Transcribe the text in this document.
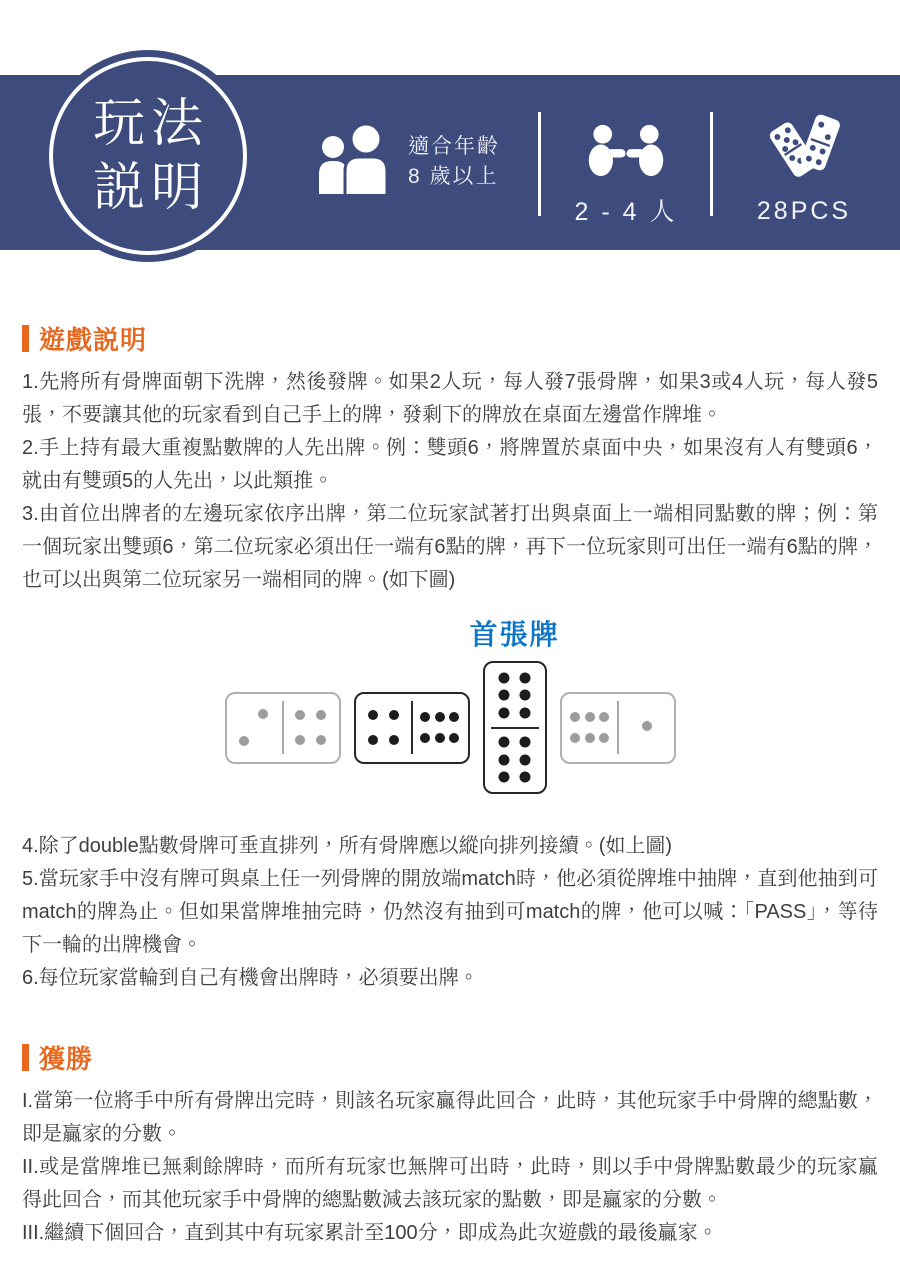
玩法
説明
適合年齡
8 歲以上
2 - 4 人	28PCS
遊戲説明

1.先將所有骨牌面朝下洗牌，然後發牌。如果2人玩，每人發7張骨牌，如果3或4人玩，每人發5張，不要讓其他的玩家看到自己手上的牌，發剩下的牌放在桌面左邊當作牌堆。

2.手上持有最大重複點數牌的人先出牌。例：雙頭6，將牌置於桌面中央，如果沒有人有雙頭6，就由有雙頭5的人先出，以此類推。

3.由首位出牌者的左邊玩家依序出牌，第二位玩家試著打出與桌面上一端相同點數的牌；例：第一個玩家出雙頭6，第二位玩家必須出任一端有6點的牌，再下一位玩家則可出任一端有6點的牌，也可以出與第二位玩家另一端相同的牌。(如下圖)

首張牌

4.除了double點數骨牌可垂直排列，所有骨牌應以縱向排列接續。(如上圖)

5.當玩家手中沒有牌可與桌上任一列骨牌的開放端match時，他必須從牌堆中抽牌，直到他抽到可match的牌為止。但如果當牌堆抽完時，仍然沒有抽到可match的牌，他可以喊：「PASS」，等待下一輪的出牌機會。

6.每位玩家當輪到自己有機會出牌時，必須要出牌。

獲勝

I.當第一位將手中所有骨牌出完時，則該名玩家贏得此回合，此時，其他玩家手中骨牌的總點數，即是贏家的分數。

II.或是當牌堆已無剩餘牌時，而所有玩家也無牌可出時，此時，則以手中骨牌點數最少的玩家贏得此回合，而其他玩家手中骨牌的總點數減去該玩家的點數，即是贏家的分數。

III.繼續下個回合，直到其中有玩家累計至100分，即成為此次遊戲的最後贏家。
